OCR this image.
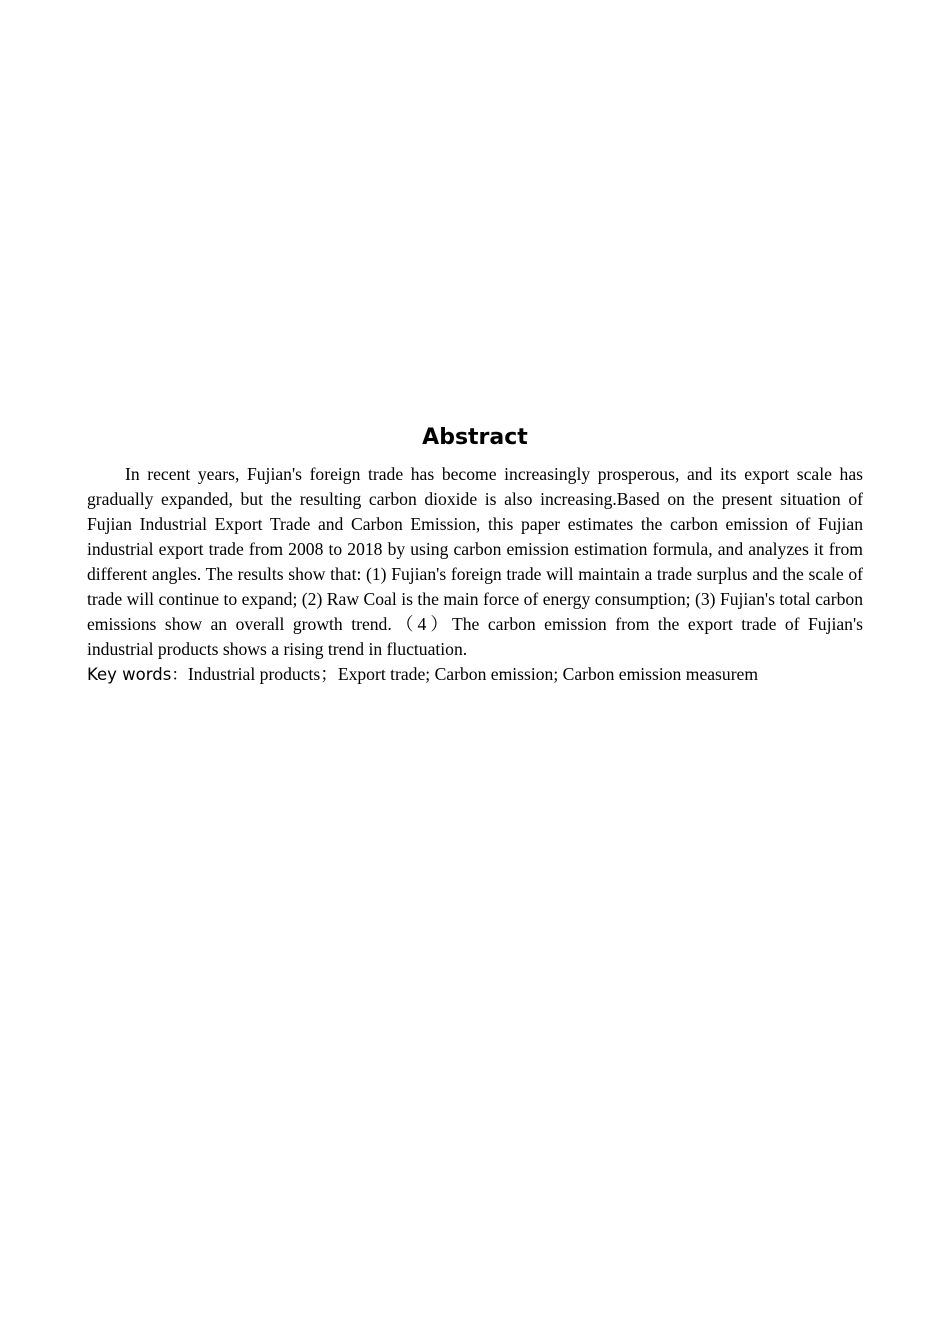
Abstract

In recent years, Fujian's foreign trade has become increasingly prosperous, and its export scale has gradually expanded, but the resulting carbon dioxide is also increasing.Based on the present situation of Fujian Industrial Export Trade and Carbon Emission, this paper estimates the carbon emission of Fujian industrial export trade from 2008 to 2018 by using carbon emission estimation formula, and analyzes it from different angles. The results show that: (1) Fujian's foreign trade will maintain a trade surplus and the scale of trade will continue to expand; (2) Raw Coal is the main force of energy consumption; (3) Fujian's total carbon emissions show an overall growth trend.（4）The carbon emission from the export trade of Fujian's industrial products shows a rising trend in fluctuation.

Key words：Industrial products；Export trade; Carbon emission; Carbon emission measurem
